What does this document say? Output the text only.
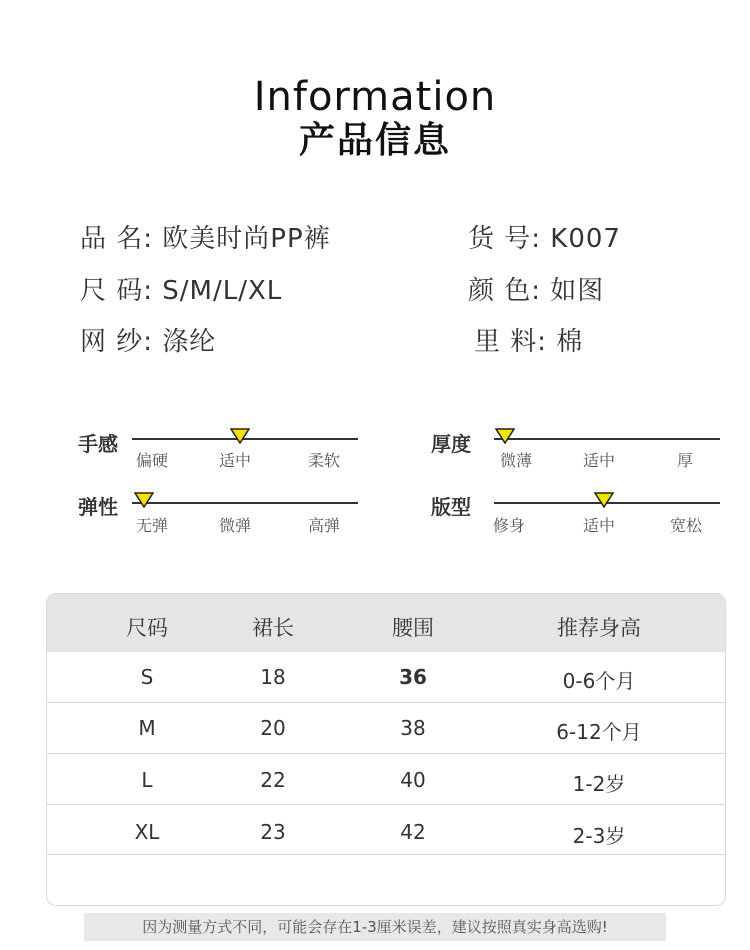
Information
产品信息
品 名: 欧美时尚PP裤	货 号: K007
尺 码: S/M/L/XL	颜 色: 如图
网 纱: 涤纶	里 料: 棉
手感
偏硬	适中	柔软
厚度
微薄	适中	厚
弹性
无弹	微弹	高弹
版型
修身	适中	宽松
尺码	裙长	腰围	推荐身高
S	18	36	0-6个月
M	20	38	6-12个月
L	22	40	1-2岁
XL	23	42	2-3岁
因为测量方式不同，可能会存在1-3厘米误差，建议按照真实身高选购!
